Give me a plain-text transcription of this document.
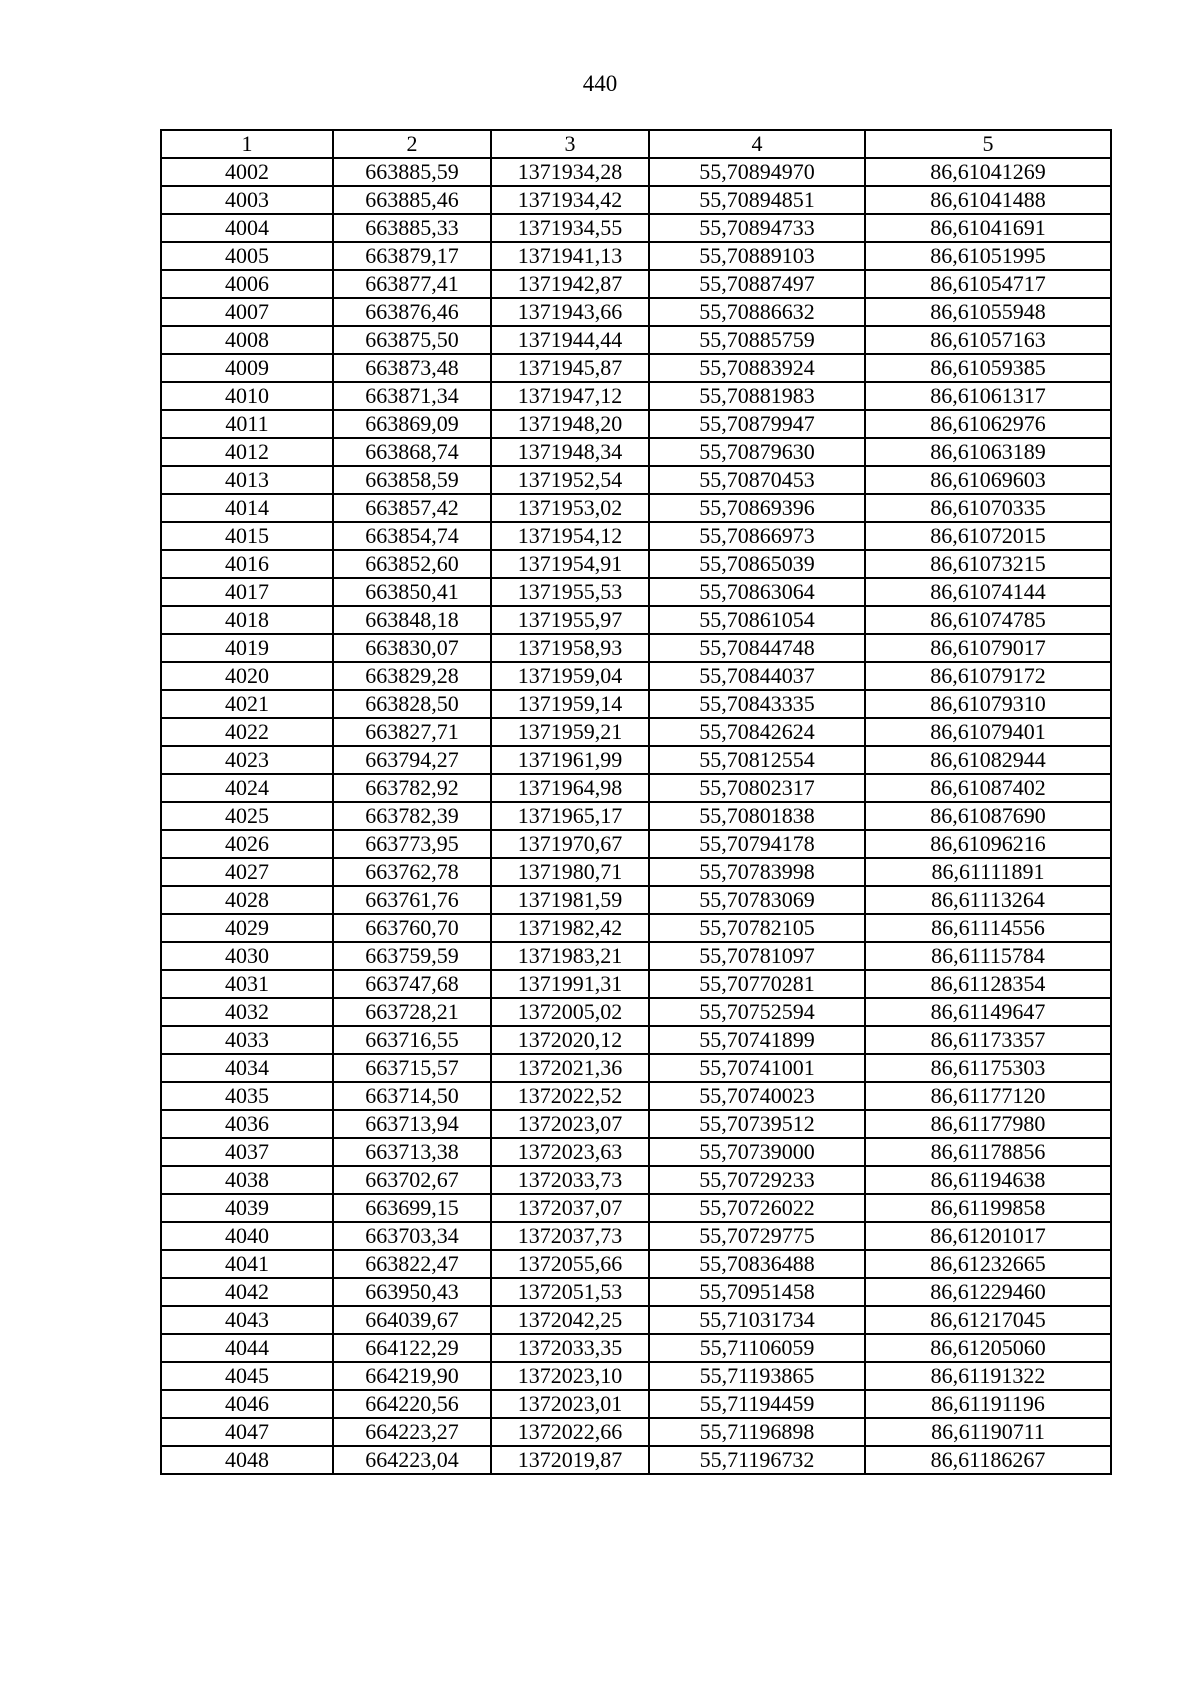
440
1	2	3	4	5
4002	663885,59	1371934,28	55,70894970	86,61041269
4003	663885,46	1371934,42	55,70894851	86,61041488
4004	663885,33	1371934,55	55,70894733	86,61041691
4005	663879,17	1371941,13	55,70889103	86,61051995
4006	663877,41	1371942,87	55,70887497	86,61054717
4007	663876,46	1371943,66	55,70886632	86,61055948
4008	663875,50	1371944,44	55,70885759	86,61057163
4009	663873,48	1371945,87	55,70883924	86,61059385
4010	663871,34	1371947,12	55,70881983	86,61061317
4011	663869,09	1371948,20	55,70879947	86,61062976
4012	663868,74	1371948,34	55,70879630	86,61063189
4013	663858,59	1371952,54	55,70870453	86,61069603
4014	663857,42	1371953,02	55,70869396	86,61070335
4015	663854,74	1371954,12	55,70866973	86,61072015
4016	663852,60	1371954,91	55,70865039	86,61073215
4017	663850,41	1371955,53	55,70863064	86,61074144
4018	663848,18	1371955,97	55,70861054	86,61074785
4019	663830,07	1371958,93	55,70844748	86,61079017
4020	663829,28	1371959,04	55,70844037	86,61079172
4021	663828,50	1371959,14	55,70843335	86,61079310
4022	663827,71	1371959,21	55,70842624	86,61079401
4023	663794,27	1371961,99	55,70812554	86,61082944
4024	663782,92	1371964,98	55,70802317	86,61087402
4025	663782,39	1371965,17	55,70801838	86,61087690
4026	663773,95	1371970,67	55,70794178	86,61096216
4027	663762,78	1371980,71	55,70783998	86,61111891
4028	663761,76	1371981,59	55,70783069	86,61113264
4029	663760,70	1371982,42	55,70782105	86,61114556
4030	663759,59	1371983,21	55,70781097	86,61115784
4031	663747,68	1371991,31	55,70770281	86,61128354
4032	663728,21	1372005,02	55,70752594	86,61149647
4033	663716,55	1372020,12	55,70741899	86,61173357
4034	663715,57	1372021,36	55,70741001	86,61175303
4035	663714,50	1372022,52	55,70740023	86,61177120
4036	663713,94	1372023,07	55,70739512	86,61177980
4037	663713,38	1372023,63	55,70739000	86,61178856
4038	663702,67	1372033,73	55,70729233	86,61194638
4039	663699,15	1372037,07	55,70726022	86,61199858
4040	663703,34	1372037,73	55,70729775	86,61201017
4041	663822,47	1372055,66	55,70836488	86,61232665
4042	663950,43	1372051,53	55,70951458	86,61229460
4043	664039,67	1372042,25	55,71031734	86,61217045
4044	664122,29	1372033,35	55,71106059	86,61205060
4045	664219,90	1372023,10	55,71193865	86,61191322
4046	664220,56	1372023,01	55,71194459	86,61191196
4047	664223,27	1372022,66	55,71196898	86,61190711
4048	664223,04	1372019,87	55,71196732	86,61186267
